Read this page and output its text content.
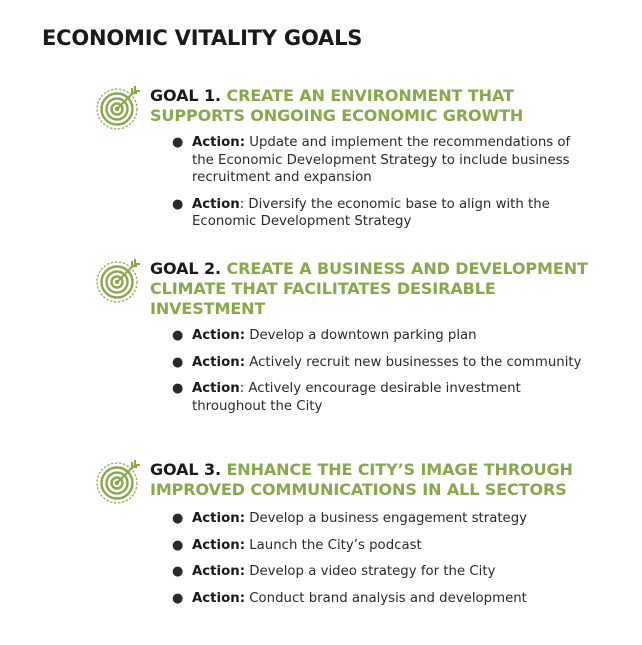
ECONOMIC VITALITY GOALS
GOAL 1. CREATE AN ENVIRONMENT THAT SUPPORTS ONGOING ECONOMIC GROWTH
● Action: Update and implement the recommendations of the Economic Development Strategy to include business recruitment and expansion
● Action: Diversify the economic base to align with the Economic Development Strategy
GOAL 2. CREATE A BUSINESS AND DEVELOPMENT CLIMATE THAT FACILITATES DESIRABLE INVESTMENT
● Action: Develop a downtown parking plan
● Action: Actively recruit new businesses to the community
● Action: Actively encourage desirable investment throughout the City
GOAL 3. ENHANCE THE CITY’S IMAGE THROUGH IMPROVED COMMUNICATIONS IN ALL SECTORS
● Action: Develop a business engagement strategy
● Action: Launch the City’s podcast
● Action: Develop a video strategy for the City
● Action: Conduct brand analysis and development
